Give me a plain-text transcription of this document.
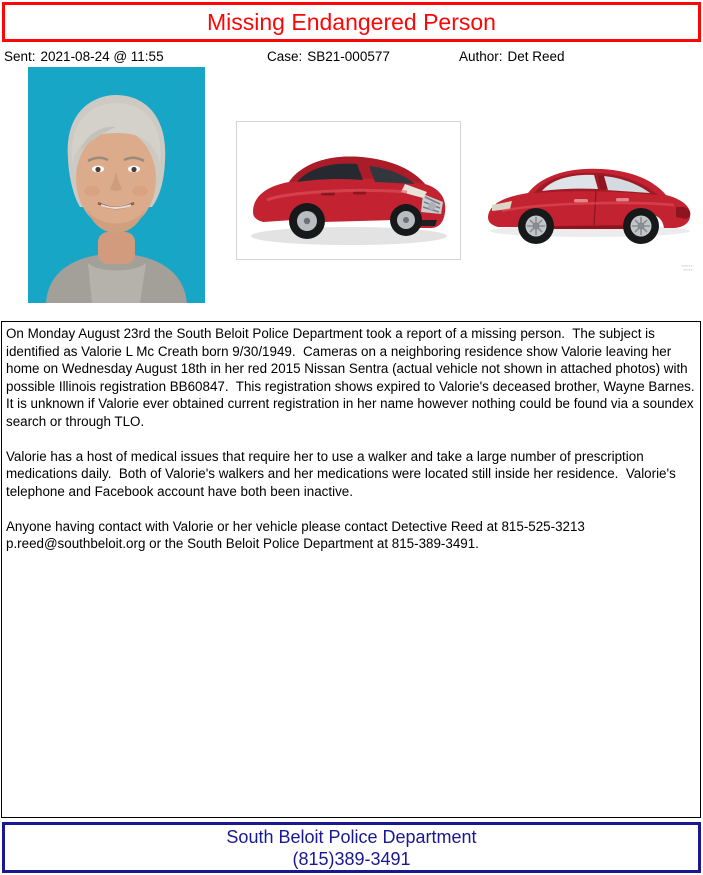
Missing Endangered Person
Sent: 2021-08-24 @ 11:55	Case: SB21-000577	Author: Det Reed
▪▪▪▪▪▪
▪▪▪▪▪

On Monday August 23rd the South Beloit Police Department took a report of a missing person.  The subject is identified as Valorie L Mc Creath born 9/30/1949.  Cameras on a neighboring residence show Valorie leaving her home on Wednesday August 18th in her red 2015 Nissan Sentra (actual vehicle not shown in attached photos) with possible Illinois registration BB60847.  This registration shows expired to Valorie's deceased brother, Wayne Barnes.  It is unknown if Valorie ever obtained current registration in her name however nothing could be found via a soundex search or through TLO.

Valorie has a host of medical issues that require her to use a walker and take a large number of prescription medications daily.  Both of Valorie's walkers and her medications were located still inside her residence.  Valorie's telephone and Facebook account have both been inactive.

Anyone having contact with Valorie or her vehicle please contact Detective Reed at 815-525-3213 p.reed@southbeloit.org or the South Beloit Police Department at 815-389-3491.

South Beloit Police Department
(815)389-3491
